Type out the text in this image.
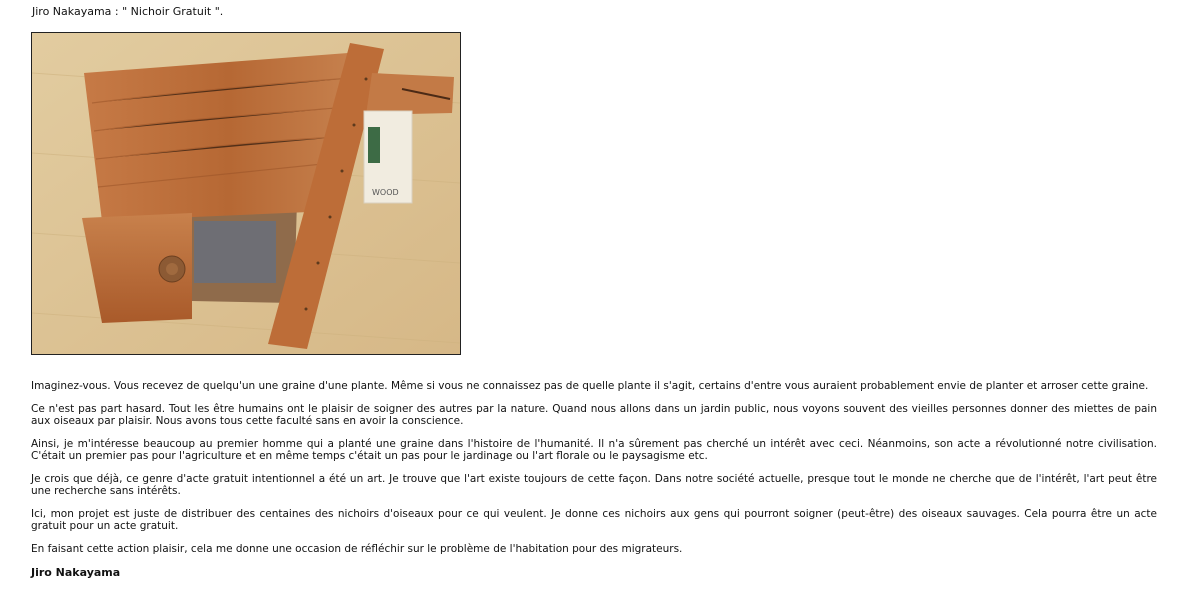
Jiro Nakayama : " Nichoir Gratuit ".
WOOD

Imaginez-vous. Vous recevez de quelqu'un une graine d'une plante. Même si vous ne connaissez pas de quelle plante il s'agit, certains d'entre vous auraient probablement envie de planter et arroser cette graine.

Ce n'est pas part hasard. Tout les être humains ont le plaisir de soigner des autres par la nature. Quand nous allons dans un jardin public, nous voyons souvent des vieilles personnes donner des miettes de pain aux oiseaux par plaisir. Nous avons tous cette faculté sans en avoir la conscience.

Ainsi, je m'intéresse beaucoup au premier homme qui a planté une graine dans l'histoire de l'humanité. Il n'a sûrement pas cherché un intérêt avec ceci. Néanmoins, son acte a révolutionné notre civilisation. C'était un premier pas pour l'agriculture et en même temps c'était un pas pour le jardinage ou l'art florale ou le paysagisme etc.

Je crois que déjà, ce genre d'acte gratuit intentionnel a été un art. Je trouve que l'art existe toujours de cette façon. Dans notre société actuelle, presque tout le monde ne cherche que de l'intérêt, l'art peut être une recherche sans intérêts.

Ici, mon projet est juste de distribuer des centaines des nichoirs d'oiseaux pour ce qui veulent. Je donne ces nichoirs aux gens qui pourront soigner (peut-être) des oiseaux sauvages. Cela pourra être un acte gratuit pour un acte gratuit.

En faisant cette action plaisir, cela me donne une occasion de réfléchir sur le problème de l'habitation pour des migrateurs.

Jiro Nakayama
